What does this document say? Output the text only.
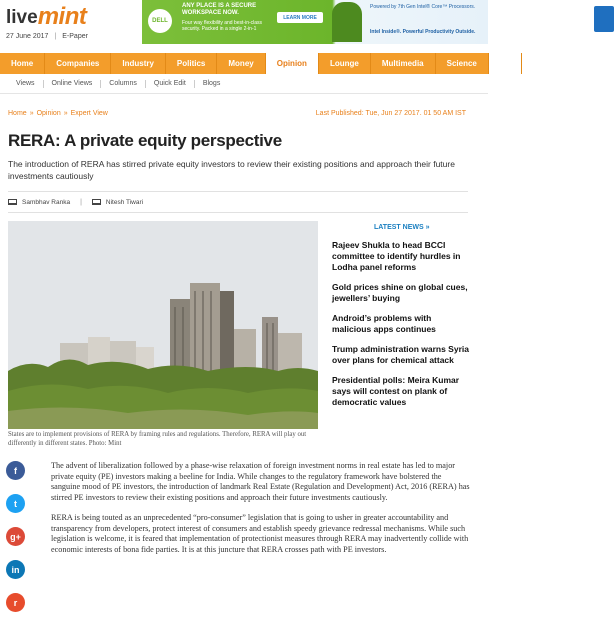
live mint
27 June 2017 | E-Paper
DELL
ANY PLACE IS A SECURE WORKSPACE NOW.
Four way flexibility and best-in-class security. Packed in a single 2-in-1
LEARN MORE
Powered by 7th Gen Intel® Core™ Processors.
Intel Inside®. Powerful Productivity Outside.
Home	Companies	Industry	Politics	Money	Opinion	Lounge	Multimedia	Science	Sp
Views	Online Views	Columns	Quick Edit	Blogs
Home » Opinion » Expert View	Last Published: Tue, Jun 27 2017. 01 50 AM IST
RERA: A private equity perspective
The introduction of RERA has stirred private equity investors to review their existing positions and approach their future investments cautiously
Sambhav Ranka |	Nitesh Tiwari
States are to implement provisions of RERA by framing rules and regulations. Therefore, RERA will play out differently in different states. Photo: Mint
LATEST NEWS »
Rajeev Shukla to head BCCI committee to identify hurdles in Lodha panel reforms
Gold prices shine on global cues, jewellers’ buying
Android’s problems with malicious apps continues
Trump administration warns Syria over plans for chemical attack
Presidential polls: Meira Kumar says will contest on plank of democratic values
f
t
g+
in
r

The advent of liberalization followed by a phase-wise relaxation of foreign investment norms in real estate has led to major private equity (PE) investors making a beeline for India. While changes to the regulatory framework have bolstered the sanguine mood of PE investors, the introduction of landmark Real Estate (Regulation and Development) Act, 2016 (RERA) has stirred PE investors to review their existing positions and approach their future investments cautiously.

RERA is being touted as an unprecedented “pro-consumer” legislation that is going to usher in greater accountability and transparency from developers, protect interest of consumers and establish speedy grievance redressal mechanisms. While such legislation is welcome, it is feared that implementation of protectionist measures through RERA may inadvertently collide with economic interests of bona fide parties. It is at this juncture that RERA crosses path with PE investors.
